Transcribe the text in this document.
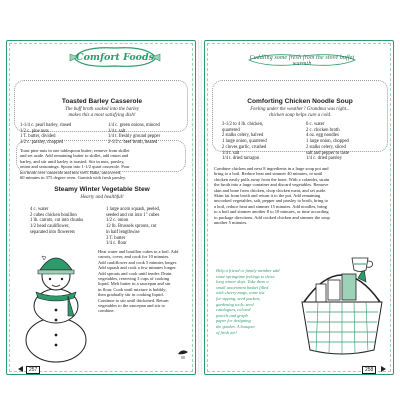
Comfort Foods
Toasted Barley Casserole
The buff broth soaked into the barley
makes this a most satisfying dish!
1-1/4 c. pearl barley, rinsed
1/2 c. pine nuts
1 T. butter, divided
1/2 c. parsley, chopped
1/4 c. green onions, minced
1/4 t. salt
1/4 t. freshly ground pepper
2-1/2 c. beef broth, heated
Toast pine nuts in one tablespoon butter; remove from skillet
and set aside. Add remaining butter to skillet, add onion and
barley, and stir until barley is toasted. Stir in nuts, parsley,
onion and seasonings. Spoon into 1-1/2 quart casserole. Pour
hot broth over casserole and mix well. Bake, uncovered,
60 minutes in 375 degree oven. Garnish with fresh parsley.
Steamy Winter Vegetable Stew
Hearty and healthful!
4 c. water
2 cubes chicken bouillon
1 lb. carrots, cut into chunks
1/2 head cauliflower,
separated into flowerets
1 large acorn squash, peeled,
seeded and cut into 1" cubes
1/2 c. onion
12 lb. Brussels sprouts, cut
in half lengthwise
3 T. butter
1/4 c. flour
Heat water and bouillon cubes to a boil. Add
carrots, cover, and cook for 10 minutes.
Add cauliflower and cook 5 minutes longer.
Add squash and cook a few minutes longer.
Add sprouts and cook until tender. Drain
vegetables, reserving 3 cups of cooking
liquid. Melt butter in a saucepan and stir
in flour. Cook until mixture is bubbly;
then gradually stir in cooking liquid.
Continue to stir until thickened. Return
vegetables to the saucepan and stir to
combine.
257
Cuddling some fresh from the stove buffet warmth
Comforting Chicken Noodle Soup
Feeling under the weather? Grandma was right...
chicken soup helps cure a cold.
3-1/2 to 4 lb. chicken,
quartered
2 stalks celery, halved
1 large onion, quartered
2 cloves garlic, crushed
1/4 t. salt
1/4 t. dried tarragon
6 c. water
2 c. chicken broth
4 oz. egg noodles
1 large onion, chopped
2 stalks celery, sliced
salt and pepper to taste
1/4 c. dried parsley
Combine chicken and next 8 ingredients in a large soup pot and
bring to a boil. Reduce heat and simmer 40 minutes, or until
chicken easily pulls away from the bone. With a colander, strain
the broth into a large container and discard vegetables. Remove
skin and bone from chicken, chop chicken meat, and set aside.
Skim fat from broth and return it to the pot. Add remaining
uncooked vegetables, salt, pepper and parsley to broth, bring to
a boil, reduce heat and simmer 15 minutes. Add noodles, bring
to a boil and simmer another 8 to 10 minutes, or time according
to package directions. Add cooked chicken and simmer the soup
another 5 minutes.
Help a friend or family member add
some springtime feelings to those
long winter days. Take them a
small assortment basket filled
with cheery mugs, some tea
for sipping, seed packets,
gardening tools, seed
catalogues, colored
pencils and graph
paper for designing
the garden. A bouquet
of fresh air!
258
